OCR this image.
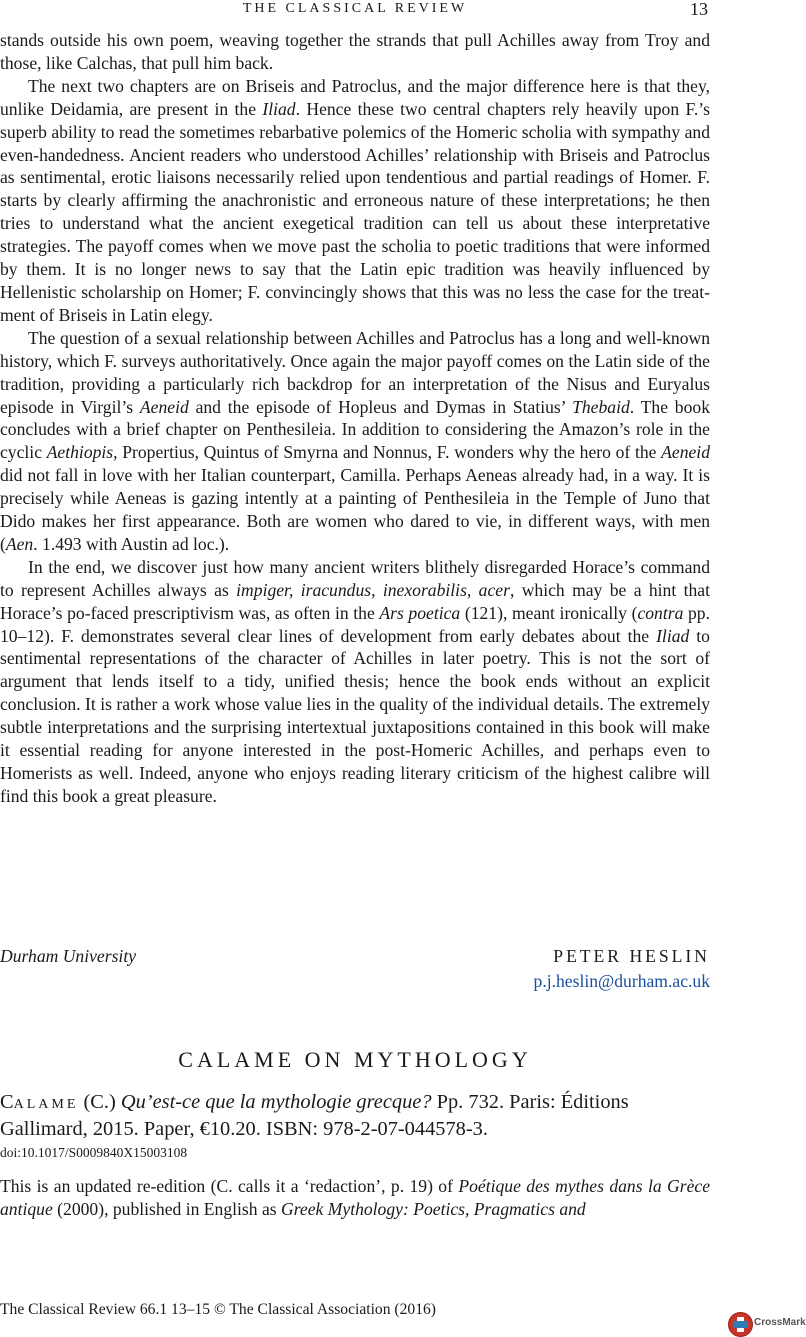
THE CLASSICAL REVIEW	13

stands outside his own poem, weaving together the strands that pull Achilles away from Troy and those, like Calchas, that pull him back.

The next two chapters are on Briseis and Patroclus, and the major difference here is that they, unlike Deidamia, are present in the Iliad. Hence these two central chapters rely heavily upon F.’s superb ability to read the sometimes rebarbative polemics of the Homeric scholia with sympathy and even-handedness. Ancient readers who understood Achilles’ relationship with Briseis and Patroclus as sentimental, erotic liaisons necessarily relied upon tendentious and partial readings of Homer. F. starts by clearly affirming the anachronistic and erroneous nature of these interpretations; he then tries to understand what the ancient exegetical tradition can tell us about these interpretative strategies. The payoff comes when we move past the scholia to poetic traditions that were informed by them. It is no longer news to say that the Latin epic tradition was heavily influenced by Hellenistic scholarship on Homer; F. convincingly shows that this was no less the case for the treatment of Briseis in Latin elegy.

The question of a sexual relationship between Achilles and Patroclus has a long and well-known history, which F. surveys authoritatively. Once again the major payoff comes on the Latin side of the tradition, providing a particularly rich backdrop for an interpretation of the Nisus and Euryalus episode in Virgil’s Aeneid and the episode of Hopleus and Dymas in Statius’ Thebaid. The book concludes with a brief chapter on Penthesileia. In addition to considering the Amazon’s role in the cyclic Aethiopis, Propertius, Quintus of Smyrna and Nonnus, F. wonders why the hero of the Aeneid did not fall in love with her Italian counterpart, Camilla. Perhaps Aeneas already had, in a way. It is precisely while Aeneas is gazing intently at a painting of Penthesileia in the Temple of Juno that Dido makes her first appearance. Both are women who dared to vie, in different ways, with men (Aen. 1.493 with Austin ad loc.).

In the end, we discover just how many ancient writers blithely disregarded Horace’s command to represent Achilles always as impiger, iracundus, inexorabilis, acer, which may be a hint that Horace’s po-faced prescriptivism was, as often in the Ars poetica (121), meant ironically (contra pp. 10–12). F. demonstrates several clear lines of development from early debates about the Iliad to sentimental representations of the character of Achilles in later poetry. This is not the sort of argument that lends itself to a tidy, unified thesis; hence the book ends without an explicit conclusion. It is rather a work whose value lies in the quality of the individual details. The extremely subtle interpretations and the surprising intertextual juxtapositions contained in this book will make it essential reading for anyone interested in the post-Homeric Achilles, and perhaps even to Homerists as well. Indeed, anyone who enjoys reading literary criticism of the highest calibre will find this book a great pleasure.

Durham University	PETER HESLIN
p.j.heslin@durham.ac.uk
CALAME ON MYTHOLOGY
Calame (C.) Qu’est-ce que la mythologie grecque? Pp. 732. Paris: Éditions Gallimard, 2015. Paper, €10.20. ISBN: 978-2-07-044578-3.
doi:10.1017/S0009840X15003108
This is an updated re-edition (C. calls it a ‘redaction’, p. 19) of Poétique des mythes dans la Grèce antique (2000), published in English as Greek Mythology: Poetics, Pragmatics and
The Classical Review 66.1 13–15 © The Classical Association (2016)
CrossMark
